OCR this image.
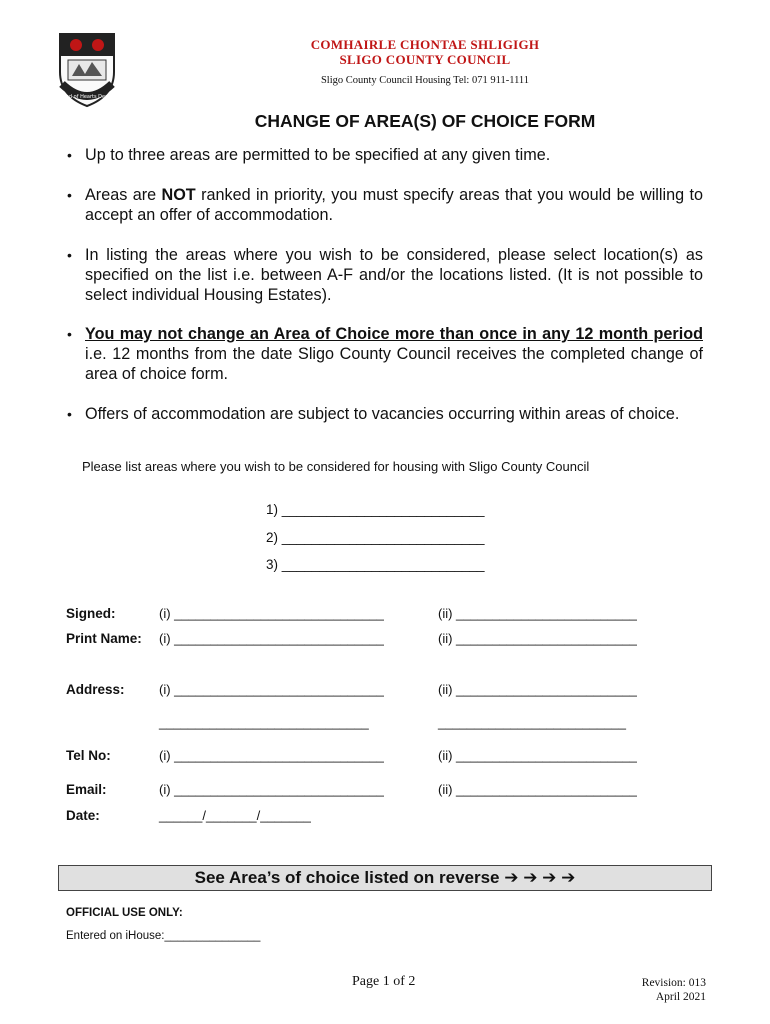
Land of Hearts Desire
COMHAIRLE CHONTAE SHLIGIGH
SLIGO COUNTY COUNCIL
Sligo County Council Housing Tel: 071 911-1111
CHANGE OF AREA(S) OF CHOICE FORM
• Up to three areas are permitted to be specified at any given time.
• Areas are NOT ranked in priority, you must specify areas that you would be willing to accept an offer of accommodation.
• In listing the areas where you wish to be considered, please select location(s) as specified on the list i.e. between A-F and/or the locations listed. (It is not possible to select individual Housing Estates).
• You may not change an Area of Choice more than once in any 12 month period i.e. 12 months from the date Sligo County Council receives the completed change of area of choice form.
• Offers of accommodation are subject to vacancies occurring within areas of choice.
Please list areas where you wish to be considered for housing with Sligo County Council
1) ___________________________
2) ___________________________
3) ___________________________
Signed:	(i) _____________________________	(ii) _________________________
Print Name: (i) _____________________________	(ii) _________________________
Address:	(i) _____________________________	(ii) _________________________
_____________________________	__________________________
Tel No:	(i) _____________________________	(ii) _________________________
Email:	(i) _____________________________	(ii) _________________________
Date:	______/_______/_______
See Area’s of choice listed on reverse ➔ ➔ ➔ ➔
OFFICIAL USE ONLY:
Entered on iHouse:_______________
Page 1 of 2	Revision: 013
April 2021
